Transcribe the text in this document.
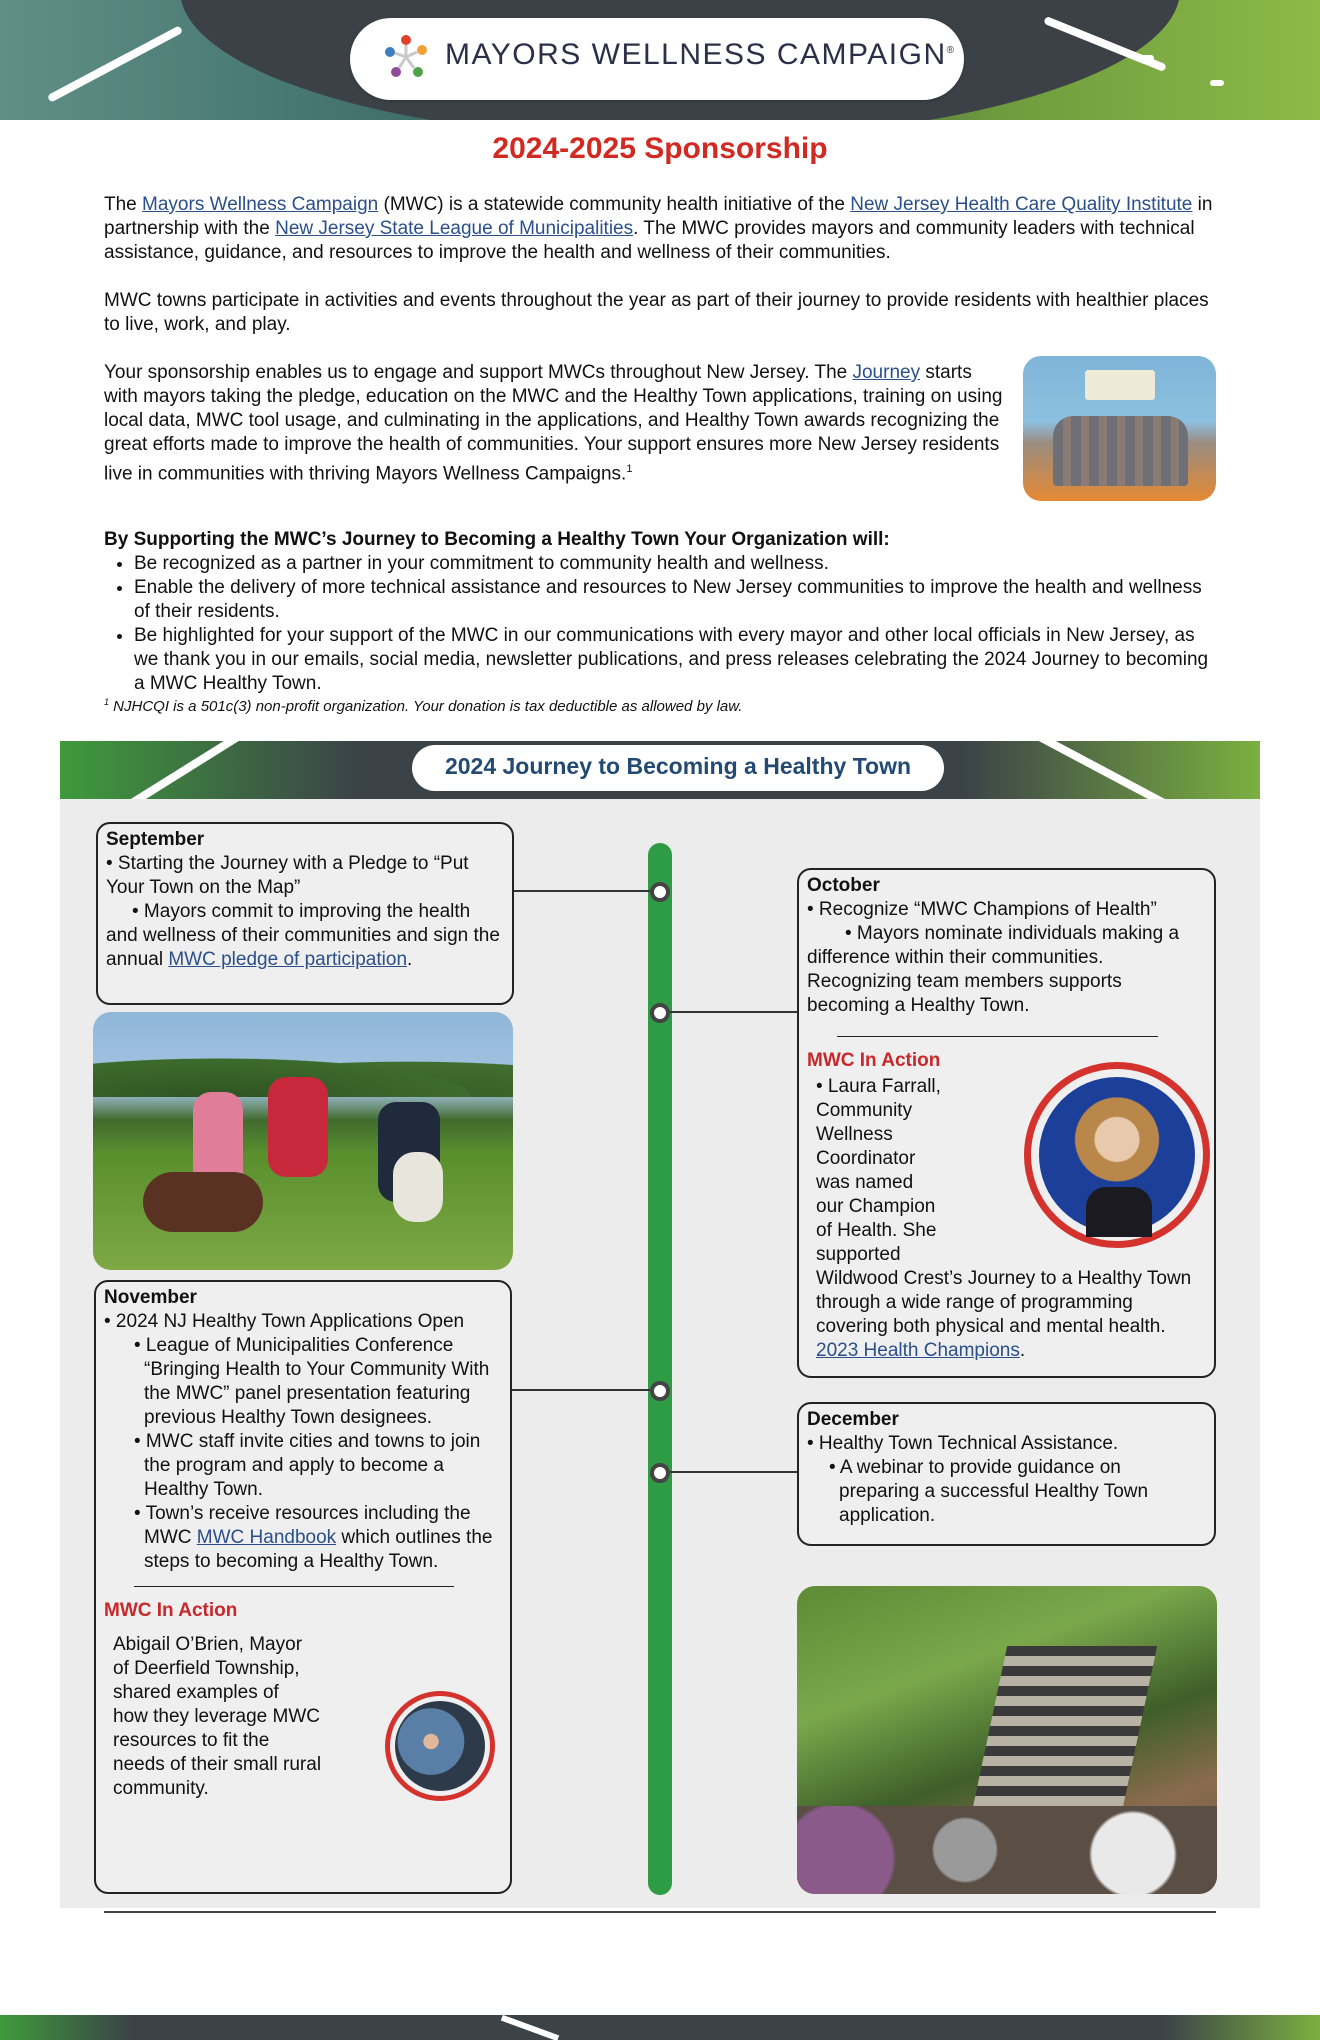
MAYORS WELLNESS CAMPAIGN®
2024-2025 Sponsorship
The Mayors Wellness Campaign (MWC) is a statewide community health initiative of the New Jersey Health Care Quality Institute in partnership with the New Jersey State League of Municipalities. The MWC provides mayors and community leaders with technical assistance, guidance, and resources to improve the health and wellness of their communities.
MWC towns participate in activities and events throughout the year as part of their journey to provide residents with healthier places to live, work, and play.
Your sponsorship enables us to engage and support MWCs throughout New Jersey. The Journey starts with mayors taking the pledge, education on the MWC and the Healthy Town applications, training on using local data, MWC tool usage, and culminating in the applications, and Healthy Town awards recognizing the great efforts made to improve the health of communities. Your support ensures more New Jersey residents live in communities with thriving Mayors Wellness Campaigns.$^1$
By Supporting the MWC’s Journey to Becoming a Healthy Town Your Organization will:
• Be recognized as a partner in your commitment to community health and wellness.
• Enable the delivery of more technical assistance and resources to New Jersey communities to improve the health and wellness of their residents.
• Be highlighted for your support of the MWC in our communications with every mayor and other local officials in New Jersey, as we thank you in our emails, social media, newsletter publications, and press releases celebrating the 2024 Journey to becoming a MWC Healthy Town.
$^1$ NJHCQI is a 501c(3) non-profit organization. Your donation is tax deductible as allowed by law.
2024 Journey to Becoming a Healthy Town
September

• Starting the Journey with a Pledge to “Put Your Town on the Map”

• Mayors commit to improving the health and wellness of their communities and sign the annual MWC pledge of participation.

October

• Recognize “MWC Champions of Health”

• Mayors nominate individuals making a difference within their communities. Recognizing team members supports becoming a Healthy Town.

MWC In Action
• Laura Farrall,
Community
Wellness
Coordinator
was named
our Champion
of Health. She
supported
Wildwood Crest’s Journey to a Healthy Town through a wide range of programming covering both physical and mental health. 2023 Health Champions.
November

• 2024 NJ Healthy Town Applications Open

• League of Municipalities Conference “Bringing Health to Your Community With the MWC” panel presentation featuring previous Healthy Town designees.

• MWC staff invite cities and towns to join the program and apply to become a Healthy Town.

• Town’s receive resources including the MWC MWC Handbook which outlines the steps to becoming a Healthy Town.

MWC In Action
Abigail O’Brien, Mayor
of Deerfield Township,
shared examples of
how they leverage MWC
resources to fit the
needs of their small rural
community.
December

• Healthy Town Technical Assistance.

• A webinar to provide guidance on preparing a successful Healthy Town application.
